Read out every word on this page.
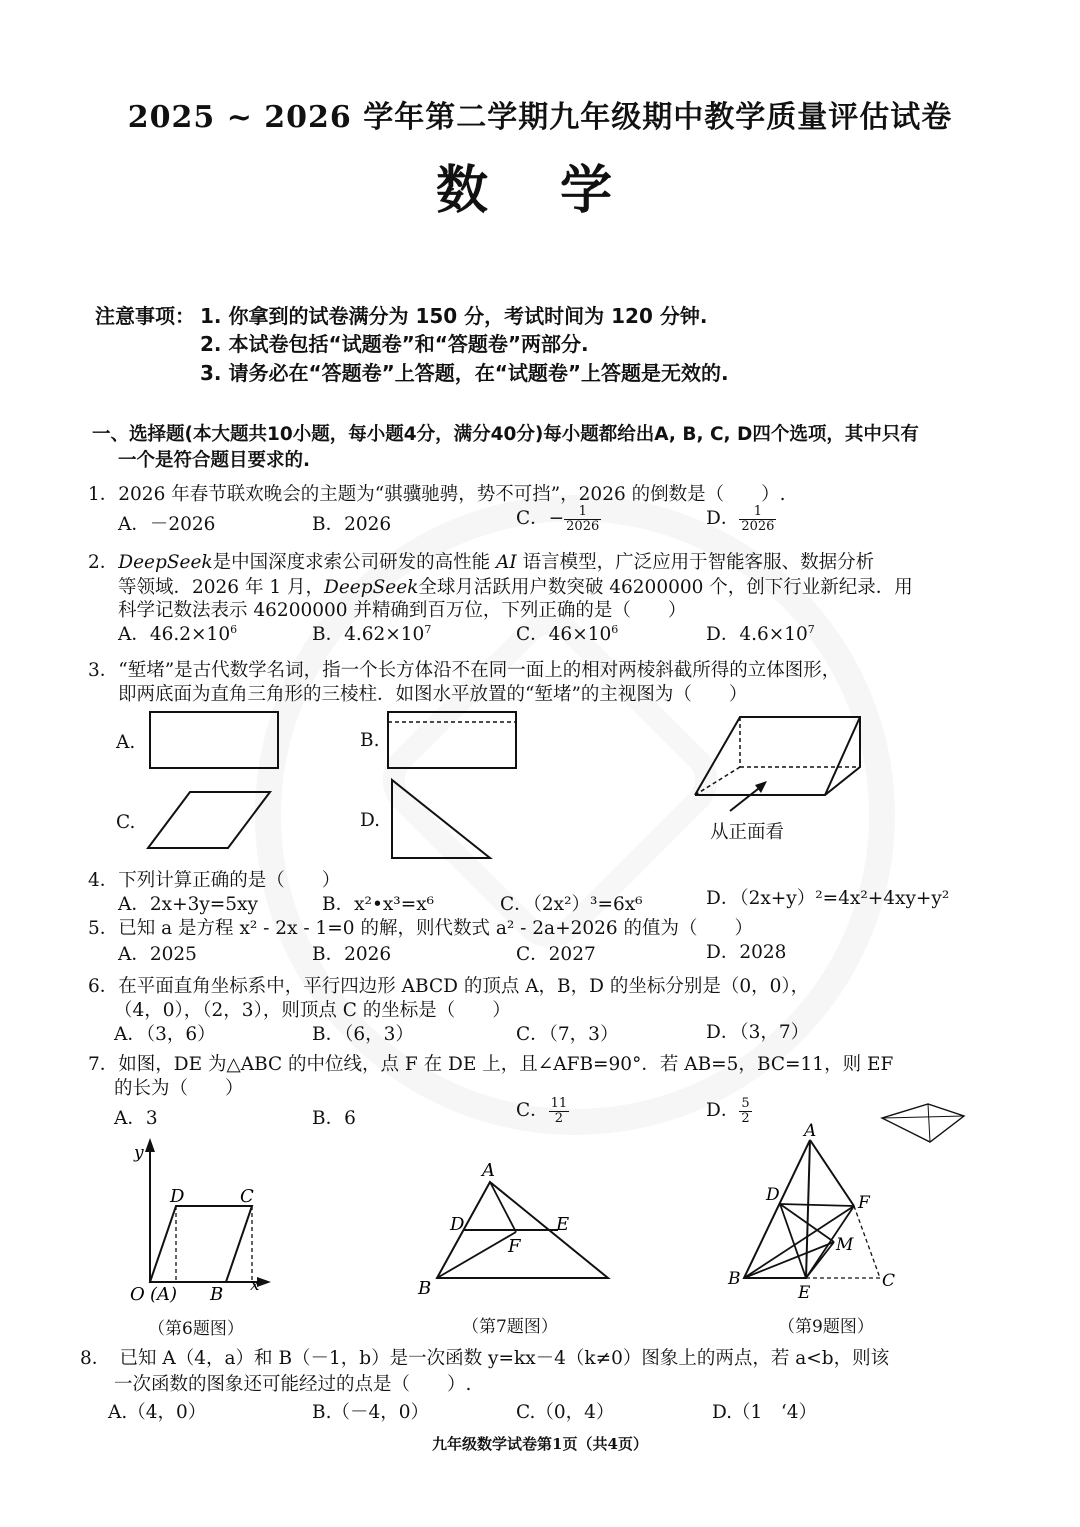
2025 ~ 2026 学年第二学期九年级期中教学质量评估试卷
数学
注意事项： 1. 你拿到的试卷满分为 150 分，考试时间为 120 分钟.
2. 本试卷包括“试题卷”和“答题卷”两部分.
3. 请务必在“答题卷”上答题，在“试题卷”上答题是无效的.
一、选择题(本大题共10小题，每小题4分，满分40分)每小题都给出A, B, C, D四个选项，其中只有
一个是符合题目要求的.
1．2026 年春节联欢晚会的主题为“骐骥驰骋，势不可挡”，2026 的倒数是（　　）.
A．－2026	B．2026	C．− $\frac{1}{2026}$	D． $\frac{1}{2026}$
2．DeepSeek是中国深度求索公司研发的高性能 AI 语言模型，广泛应用于智能客服、数据分析
等领域．2026 年 1 月，DeepSeek全球月活跃用户数突破 46200000 个，创下行业新纪录．用
科学记数法表示 46200000 并精确到百万位，下列正确的是（　　）
A．$46.2\times 10^6$	B．$4.62\times 10^7$	C．$46\times 10^6$	D．$4.6\times 10^7$
3．“堑堵”是古代数学名词，指一个长方体沿不在同一面上的相对两棱斜截所得的立体图形，
即两底面为直角三角形的三棱柱．如图水平放置的“堑堵”的主视图为（　　）
A.	B.
C.	D.
从正面看
4．下列计算正确的是（　　）
A．2x+3y=5xy	B．x²•x³=x⁶	C．（2x²）³=6x⁶	D．（2x+y）²=4x²+4xy+y²
5．已知 a 是方程 x² - 2x - 1=0 的解，则代数式 a² - 2a+2026 的值为（　　）
A．2025	B．2026	C．2027	D．2028
6．在平面直角坐标系中，平行四边形 ABCD 的顶点 A，B，D 的坐标分别是（0，0），
（4，0），（2，3），则顶点 C 的坐标是（　　）
A．（3，6）	B．（6，3）	C．（7，3）	D．（3，7）
7．如图，DE 为△ABC 的中位线，点 F 在 DE 上，且∠AFB=90°．若 AB=5，BC=11，则 EF
的长为（　　）
A．3	B．6	C． $\frac{11}{2}$	D． $\frac{5}{2}$
y
x
O (A) B
C
D
（第6题图）
A
B
D	E
F
（第7题图）
A
B	C
D
E
F
M
（第9题图）
8．　已知 A（4，a）和 B（－1，b）是一次函数 y=kx－4（k≠0）图象上的两点，若 a<b，则该
一次函数的图象还可能经过的点是（　　）.
A.（4，0）	B.（－4，0）	C.（0，4）	D.（1　‘4）
九年级数学试卷第1页（共4页）
